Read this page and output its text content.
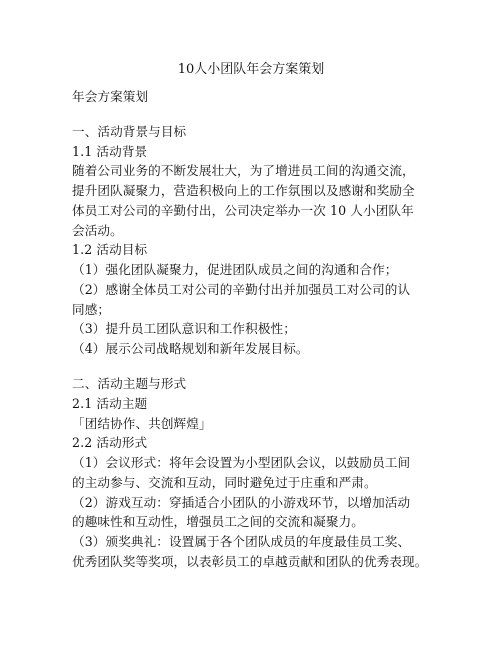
10人小团队年会方案策划
年会方案策划
一、活动背景与目标
1.1 活动背景
随着公司业务的不断发展壮大，为了增进员工间的沟通交流，
提升团队凝聚力，营造积极向上的工作氛围以及感谢和奖励全
体员工对公司的辛勤付出，公司决定举办一次 10 人小团队年
会活动。
1.2 活动目标
（1）强化团队凝聚力，促进团队成员之间的沟通和合作；
（2）感谢全体员工对公司的辛勤付出并加强员工对公司的认
同感；
（3）提升员工团队意识和工作积极性；
（4）展示公司战略规划和新年发展目标。
二、活动主题与形式
2.1 活动主题
「团结协作、共创辉煌」
2.2 活动形式
（1）会议形式：将年会设置为小型团队会议，以鼓励员工间
的主动参与、交流和互动，同时避免过于庄重和严肃。
（2）游戏互动：穿插适合小团队的小游戏环节，以增加活动
的趣味性和互动性，增强员工之间的交流和凝聚力。
（3）颁奖典礼：设置属于各个团队成员的年度最佳员工奖、
优秀团队奖等奖项，以表彰员工的卓越贡献和团队的优秀表现。
